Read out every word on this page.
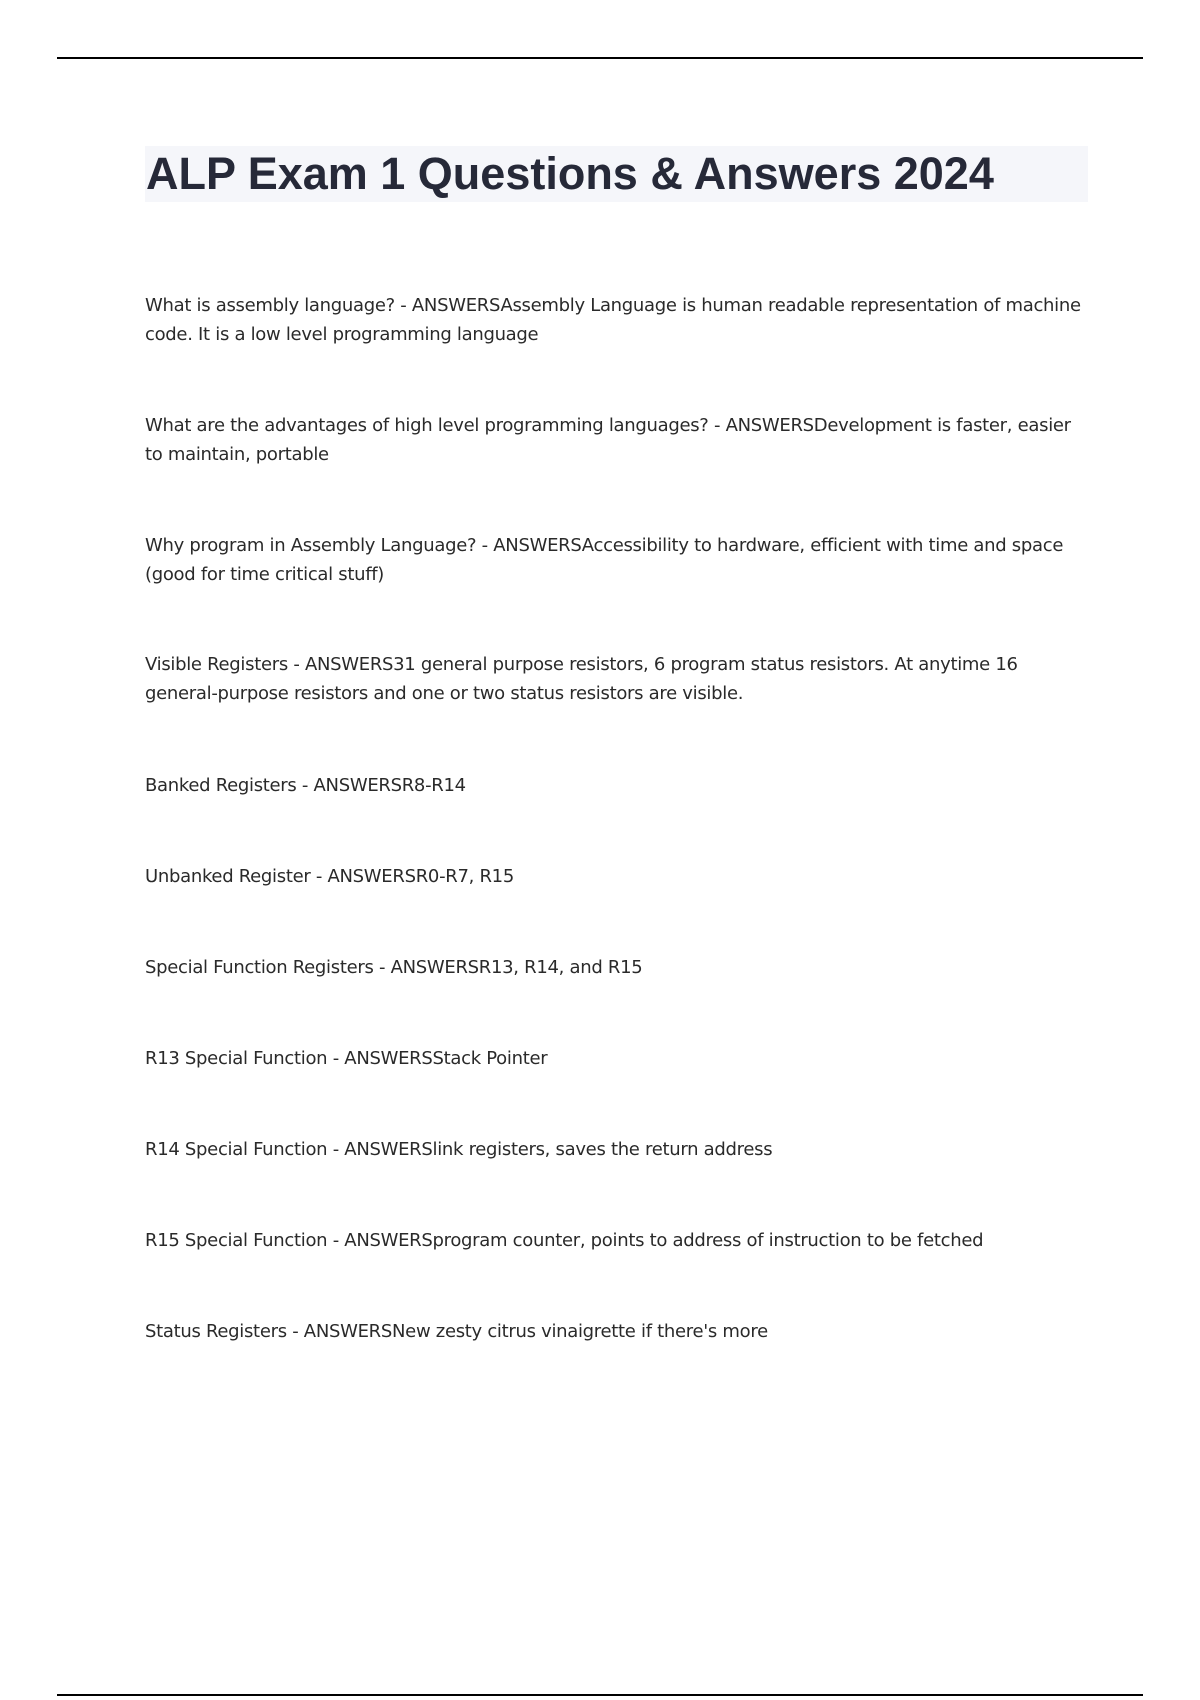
ALP Exam 1 Questions & Answers 2024

What is assembly language? - ANSWERSAssembly Language is human readable representation of machine code. It is a low level programming language

What are the advantages of high level programming languages? - ANSWERSDevelopment is faster, easier to maintain, portable

Why program in Assembly Language? - ANSWERSAccessibility to hardware, efficient with time and space (good for time critical stuff)

Visible Registers - ANSWERS31 general purpose resistors, 6 program status resistors. At anytime 16 general-purpose resistors and one or two status resistors are visible.

Banked Registers - ANSWERSR8-R14

Unbanked Register - ANSWERSR0-R7, R15

Special Function Registers - ANSWERSR13, R14, and R15

R13 Special Function - ANSWERSStack Pointer

R14 Special Function - ANSWERSlink registers, saves the return address

R15 Special Function - ANSWERSprogram counter, points to address of instruction to be fetched

Status Registers - ANSWERSNew zesty citrus vinaigrette if there's more
